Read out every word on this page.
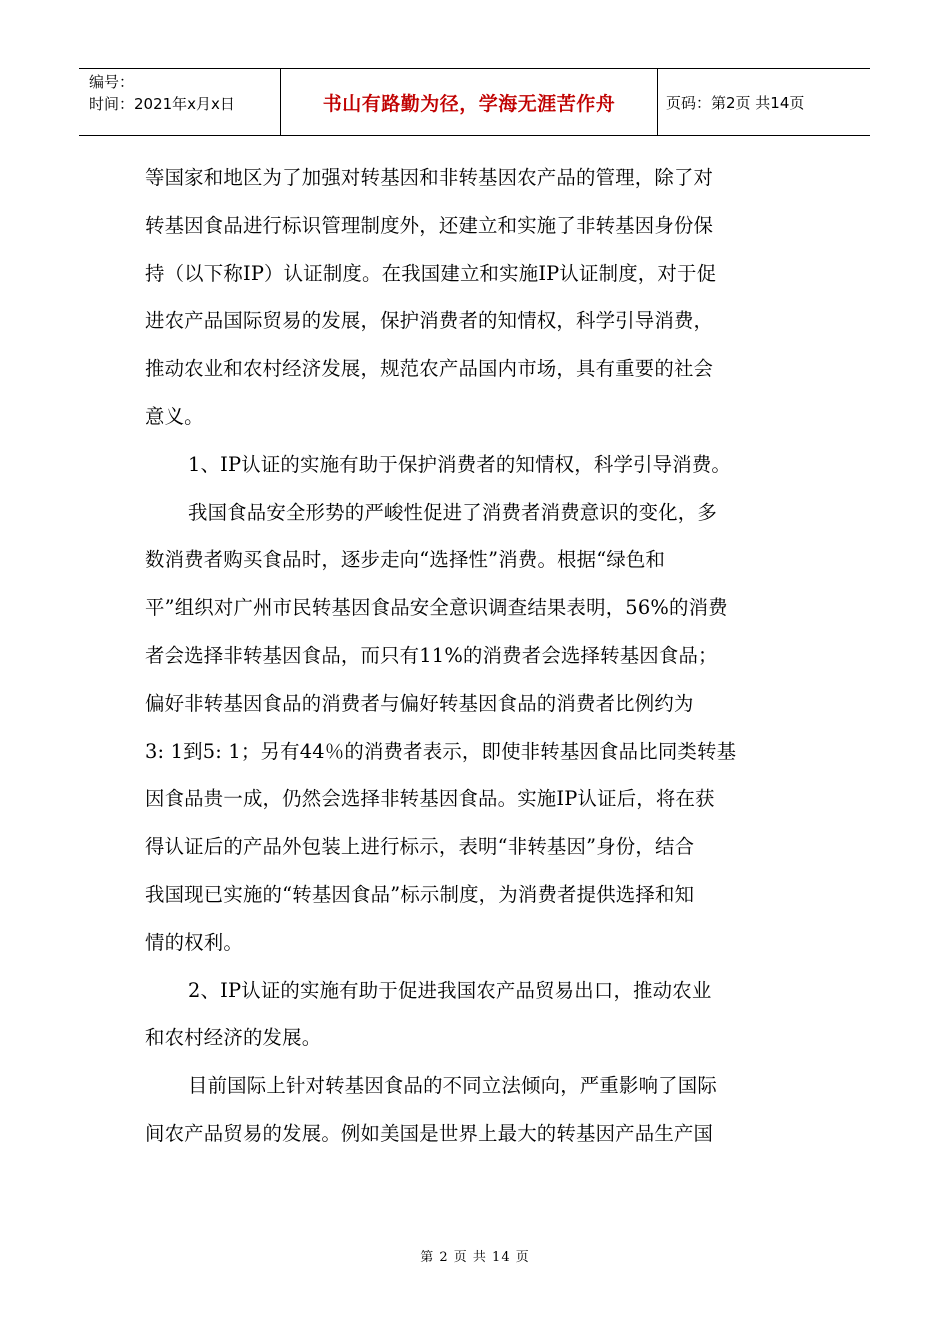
编号：
时间：2021年x月x日	书山有路勤为径，学海无涯苦作舟	页码：第2页 共14页
等国家和地区为了加强对转基因和非转基因农产品的管理，除了对
转基因食品进行标识管理制度外，还建立和实施了非转基因身份保
持（以下称IP）认证制度。在我国建立和实施IP认证制度，对于促
进农产品国际贸易的发展，保护消费者的知情权，科学引导消费，
推动农业和农村经济发展，规范农产品国内市场，具有重要的社会
意义。
1、IP认证的实施有助于保护消费者的知情权，科学引导消费。
我国食品安全形势的严峻性促进了消费者消费意识的变化，多
数消费者购买食品时，逐步走向“选择性”消费。根据“绿色和
平”组织对广州市民转基因食品安全意识调查结果表明，56%的消费
者会选择非转基因食品，而只有11%的消费者会选择转基因食品；
偏好非转基因食品的消费者与偏好转基因食品的消费者比例约为
3: 1到5: 1；另有44％的消费者表示，即使非转基因食品比同类转基
因食品贵一成，仍然会选择非转基因食品。实施IP认证后，将在获
得认证后的产品外包装上进行标示，表明“非转基因”身份，结合
我国现已实施的“转基因食品”标示制度，为消费者提供选择和知
情的权利。
2、IP认证的实施有助于促进我国农产品贸易出口，推动农业
和农村经济的发展。
目前国际上针对转基因食品的不同立法倾向，严重影响了国际
间农产品贸易的发展。例如美国是世界上最大的转基因产品生产国
第 2 页 共 14 页
